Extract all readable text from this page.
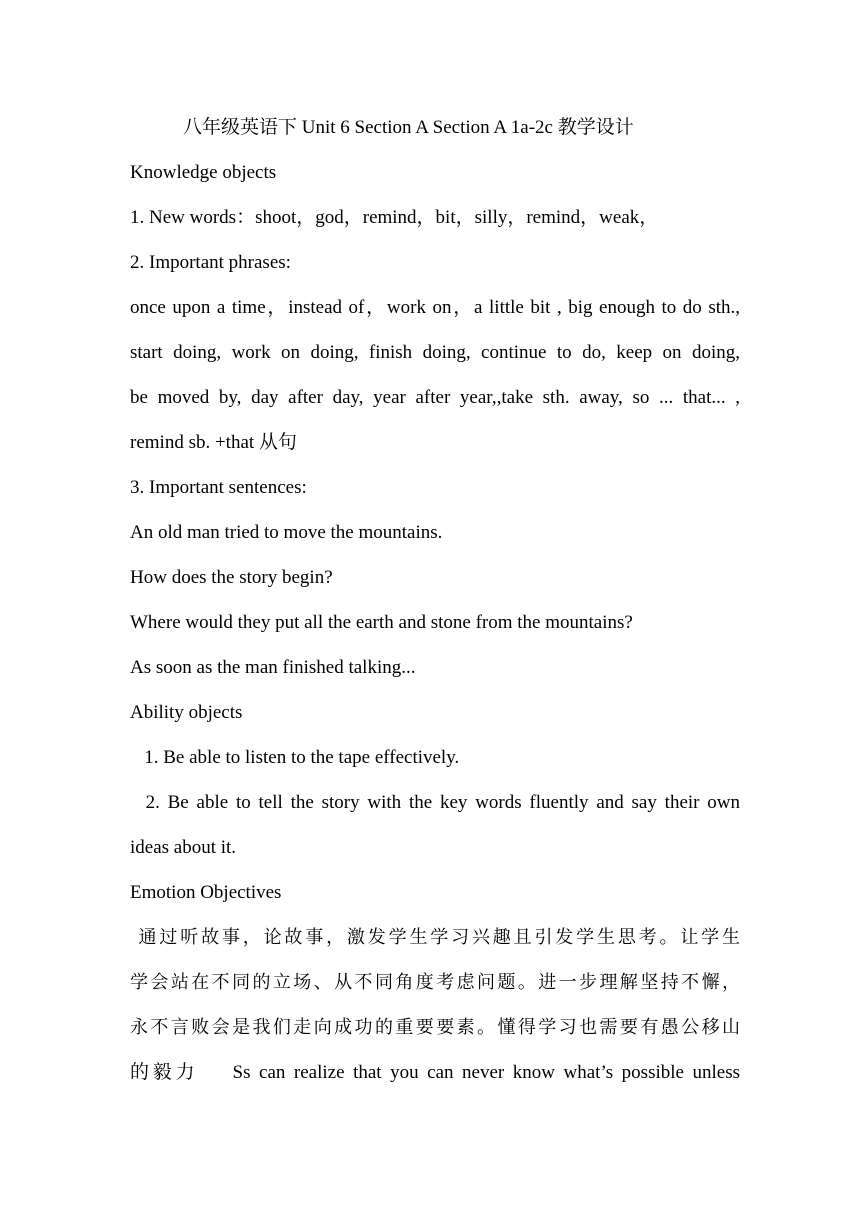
八年级英语下 Unit 6 Section A Section A 1a-2c 教学设计
Knowledge objects
1. New words：shoot，god，remind，bit，silly，remind，weak，
2. Important phrases:
once upon a time，instead of，work on，a little bit , big enough to do sth.,
start doing, work on doing, finish doing, continue to do, keep on doing,
be moved by, day after day, year after year,,take sth. away, so ... that... ,
remind sb. +that 从句
3. Important sentences:
An old man tried to move the mountains.
How does the story begin?
Where would they put all the earth and stone from the mountains?
As soon as the man finished talking...
Ability objects
1. Be able to listen to the tape effectively.
2. Be able to tell the story with the key words fluently and say their own
ideas about it.
Emotion Objectives
通过听故事，论故事，激发学生学习兴趣且引发学生思考。让学生
学会站在不同的立场、从不同角度考虑问题。进一步理解坚持不懈，
永不言败会是我们走向成功的重要要素。懂得学习也需要有愚公移山
的毅力    Ss can realize that you can never know what’s possible unless
